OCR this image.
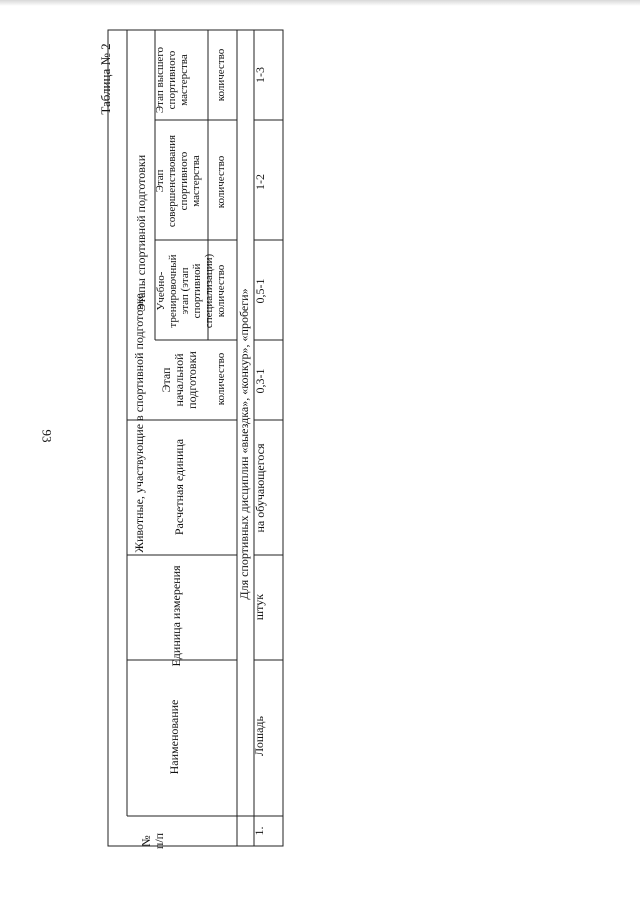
93
Таблица № 2
Животные, участвующие в спортивной подготовке
№ п/п
Наименование
Единица измерения
Расчетная единица
Этапы спортивной подготовки
Этап начальной подготовки
Учебно-тренировочный этап (этап спортивной специализации)
Этап совершенствования спортивного мастерства
Этап высшего спортивного мастерства
количество
количество
количество
количество
Для спортивных дисциплин «выездка», «конкур», «пробеги»
1.
Лошадь
штук
на обучающегося
0,3-1
0,5-1
1-2
1-3
